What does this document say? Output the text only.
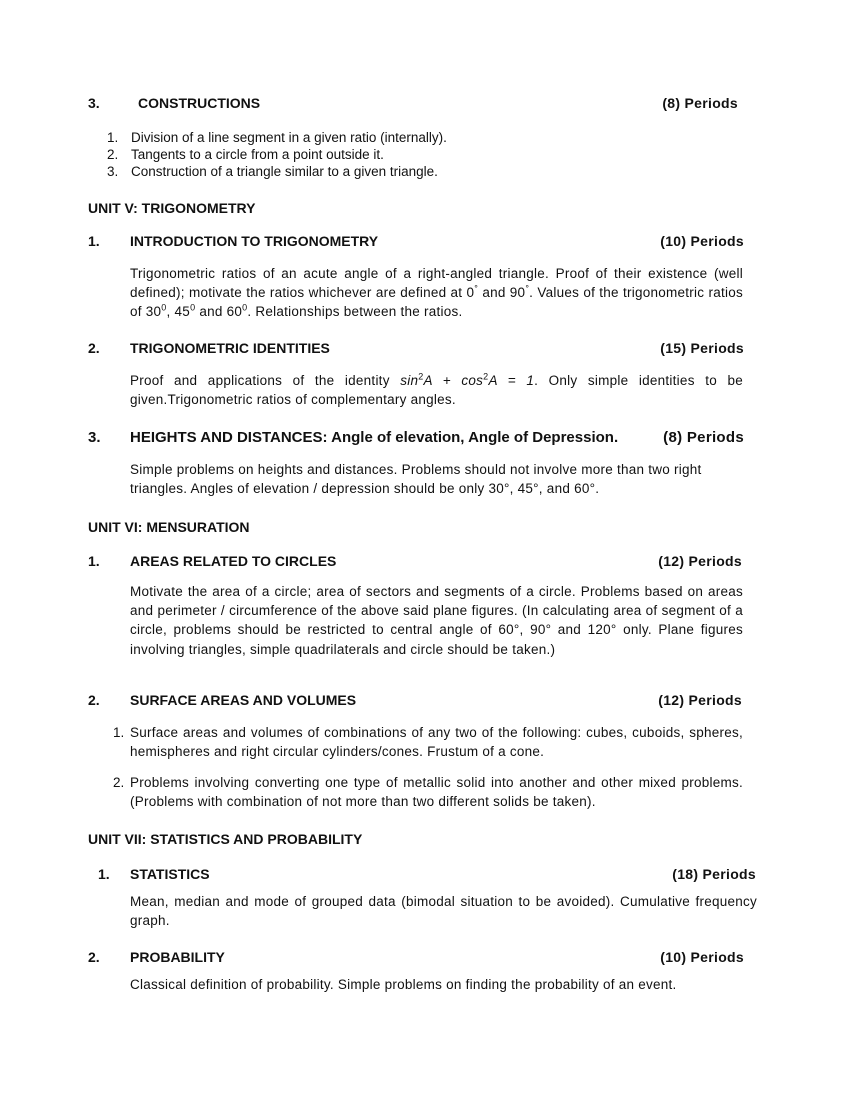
3.	CONSTRUCTIONS	(8) Periods
1. Division of a line segment in a given ratio (internally).
2. Tangents to a circle from a point outside it.
3. Construction of a triangle similar to a given triangle.
UNIT V: TRIGONOMETRY
1. INTRODUCTION TO TRIGONOMETRY	(10) Periods
Trigonometric ratios of an acute angle of a right-angled triangle. Proof of their existence (well defined); motivate the ratios whichever are defined at 0° and 90°. Values of the trigonometric ratios of $30^0$, $45^0$ and $60^0$. Relationships between the ratios.
2. TRIGONOMETRIC IDENTITIES	(15) Periods
Proof and applications of the identity $\sin^2A + \cos^2A = 1$. Only simple identities to be given.Trigonometric ratios of complementary angles.
3. HEIGHTS AND DISTANCES: Angle of elevation, Angle of Depression.	(8) Periods
Simple problems on heights and distances. Problems should not involve more than two right triangles. Angles of elevation / depression should be only 30°, 45°, and 60°.
UNIT VI: MENSURATION
1. AREAS RELATED TO CIRCLES	(12) Periods
Motivate the area of a circle; area of sectors and segments of a circle. Problems based on areas and perimeter / circumference of the above said plane figures. (In calculating area of segment of a circle, problems should be restricted to central angle of 60°, 90° and 120° only. Plane figures involving triangles, simple quadrilaterals and circle should be taken.)
2. SURFACE AREAS AND VOLUMES	(12) Periods
1. Surface areas and volumes of combinations of any two of the following: cubes, cuboids, spheres, hemispheres and right circular cylinders/cones. Frustum of a cone.
2. Problems involving converting one type of metallic solid into another and other mixed problems. (Problems with combination of not more than two different solids be taken).
UNIT VII: STATISTICS AND PROBABILITY
1. STATISTICS	(18) Periods
Mean, median and mode of grouped data (bimodal situation to be avoided). Cumulative frequency graph.
2. PROBABILITY	(10) Periods
Classical definition of probability. Simple problems on finding the probability of an event.
